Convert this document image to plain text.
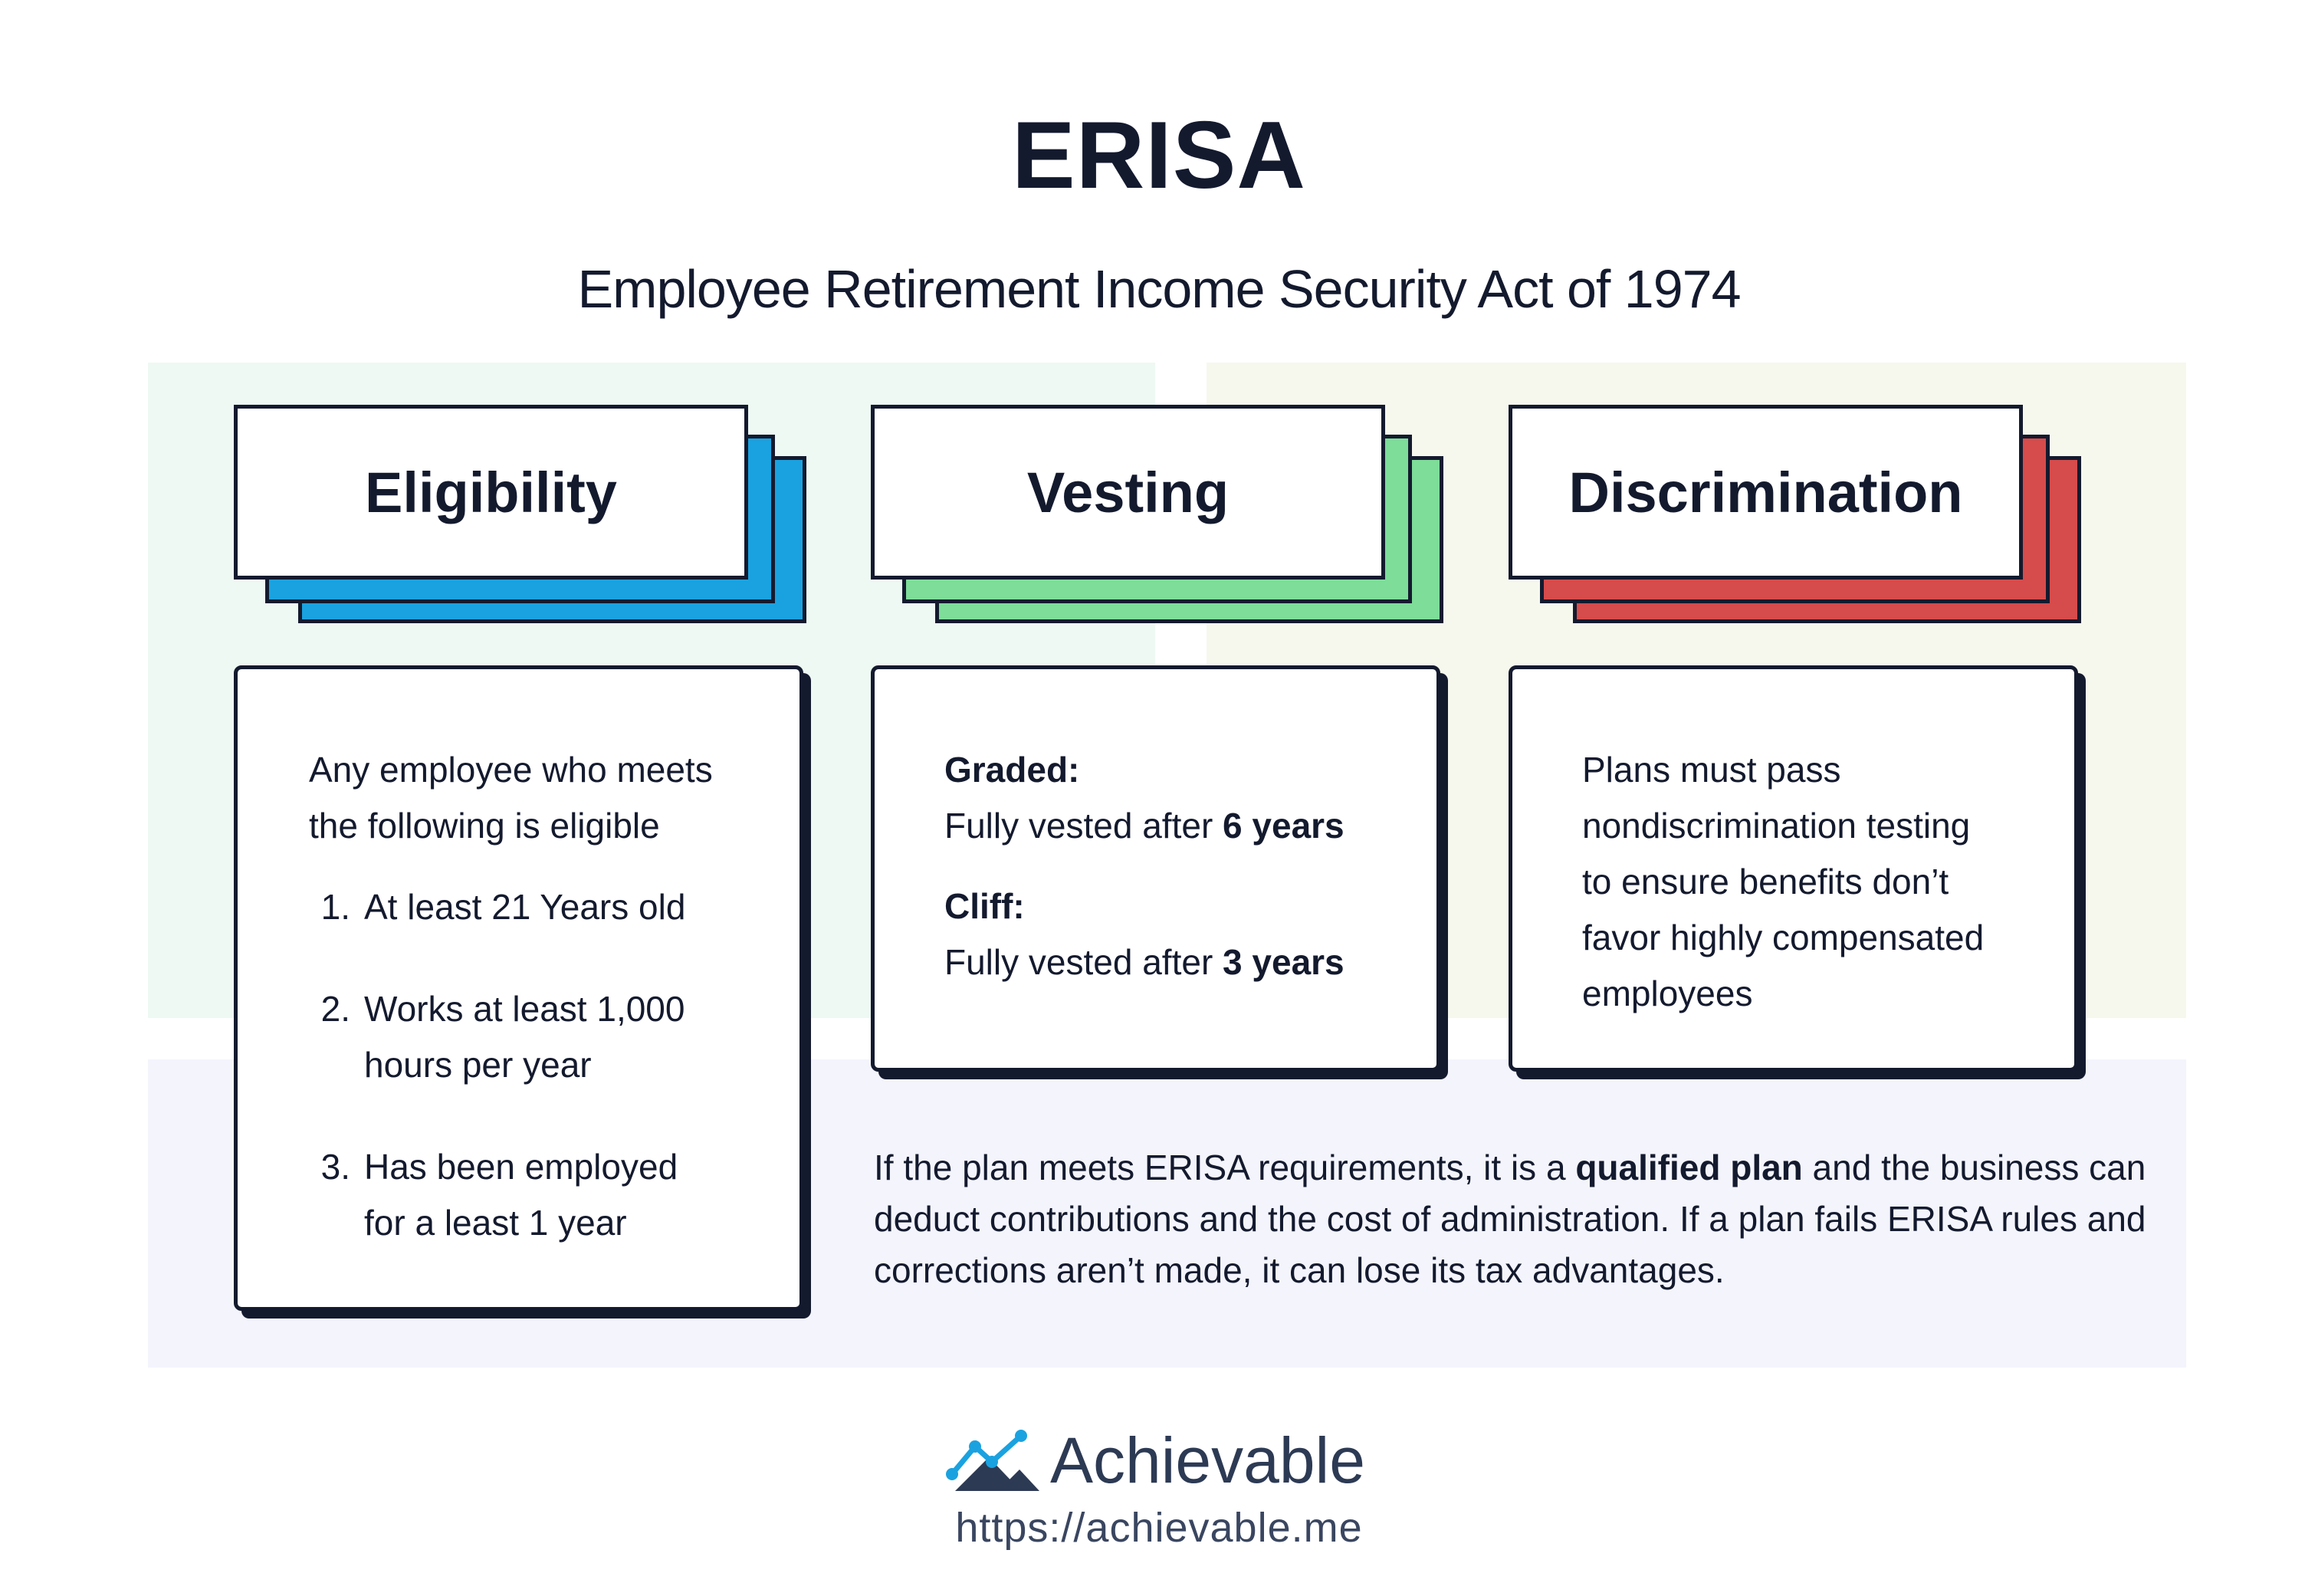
ERISA
Employee Retirement Income Security Act of 1974
Eligibility	Vesting	Discrimination
Any employee who meets
the following is eligible
1. At least 21 Years old
2. Works at least 1,000
hours per year
3. Has been employed
for a least 1 year
Graded:
Fully vested after 6 years
Cliff:
Fully vested after 3 years
Plans must pass
nondiscrimination testing
to ensure benefits don’t
favor highly compensated
employees
If the plan meets ERISA requirements, it is a qualified plan and the business can deduct contributions and the cost of administration. If a plan fails ERISA rules and corrections aren’t made, it can lose its tax advantages.
Achievable
https://achievable.me
